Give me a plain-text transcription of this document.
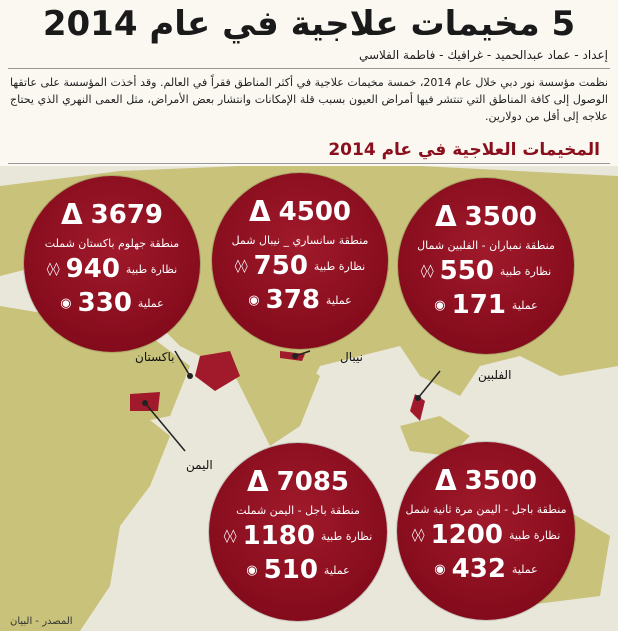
5 مخيمات علاجية في عام 2014
إعداد - عماد عبدالحميد - غرافيك - فاطمة الفلاسي
نظمت مؤسسة نور دبي خلال عام 2014، خمسة مخيمات علاجية في أكثر المناطق فقراً في العالم. وقد أخذت المؤسسة على عاتقها الوصول إلى كافة المناطق التي تنتشر فيها أمراض العيون بسبب قلة الإمكانات وانتشار بعض الأمراض، مثل العمى النهري الذي يحتاج علاجه إلى أقل من دولارين.
المخيمات العلاجية في عام 2014
باكستان	نيبال
الفلبين
اليمن
3500
Δ
منطقة نمباران - الفلبين شمال
نظارة طبية
550
◊◊
عملية
171
◉
4500
Δ
منطقة سانساري _ نيبال شمل
نظارة طبية
750
◊◊
عملية
378
◉
3679
Δ
منطقة جهلوم باكستان شملت
نظارة طبية
940
◊◊
عملية
330
◉
3500
Δ
منطقة باجل - اليمن مرة ثانية شمل
نظارة طبية
1200
◊◊
عملية
432
◉
7085
Δ
منطقة باجل - اليمن شملت
نظارة طبية
1180
◊◊
عملية
510
◉
المصدر - البيان
